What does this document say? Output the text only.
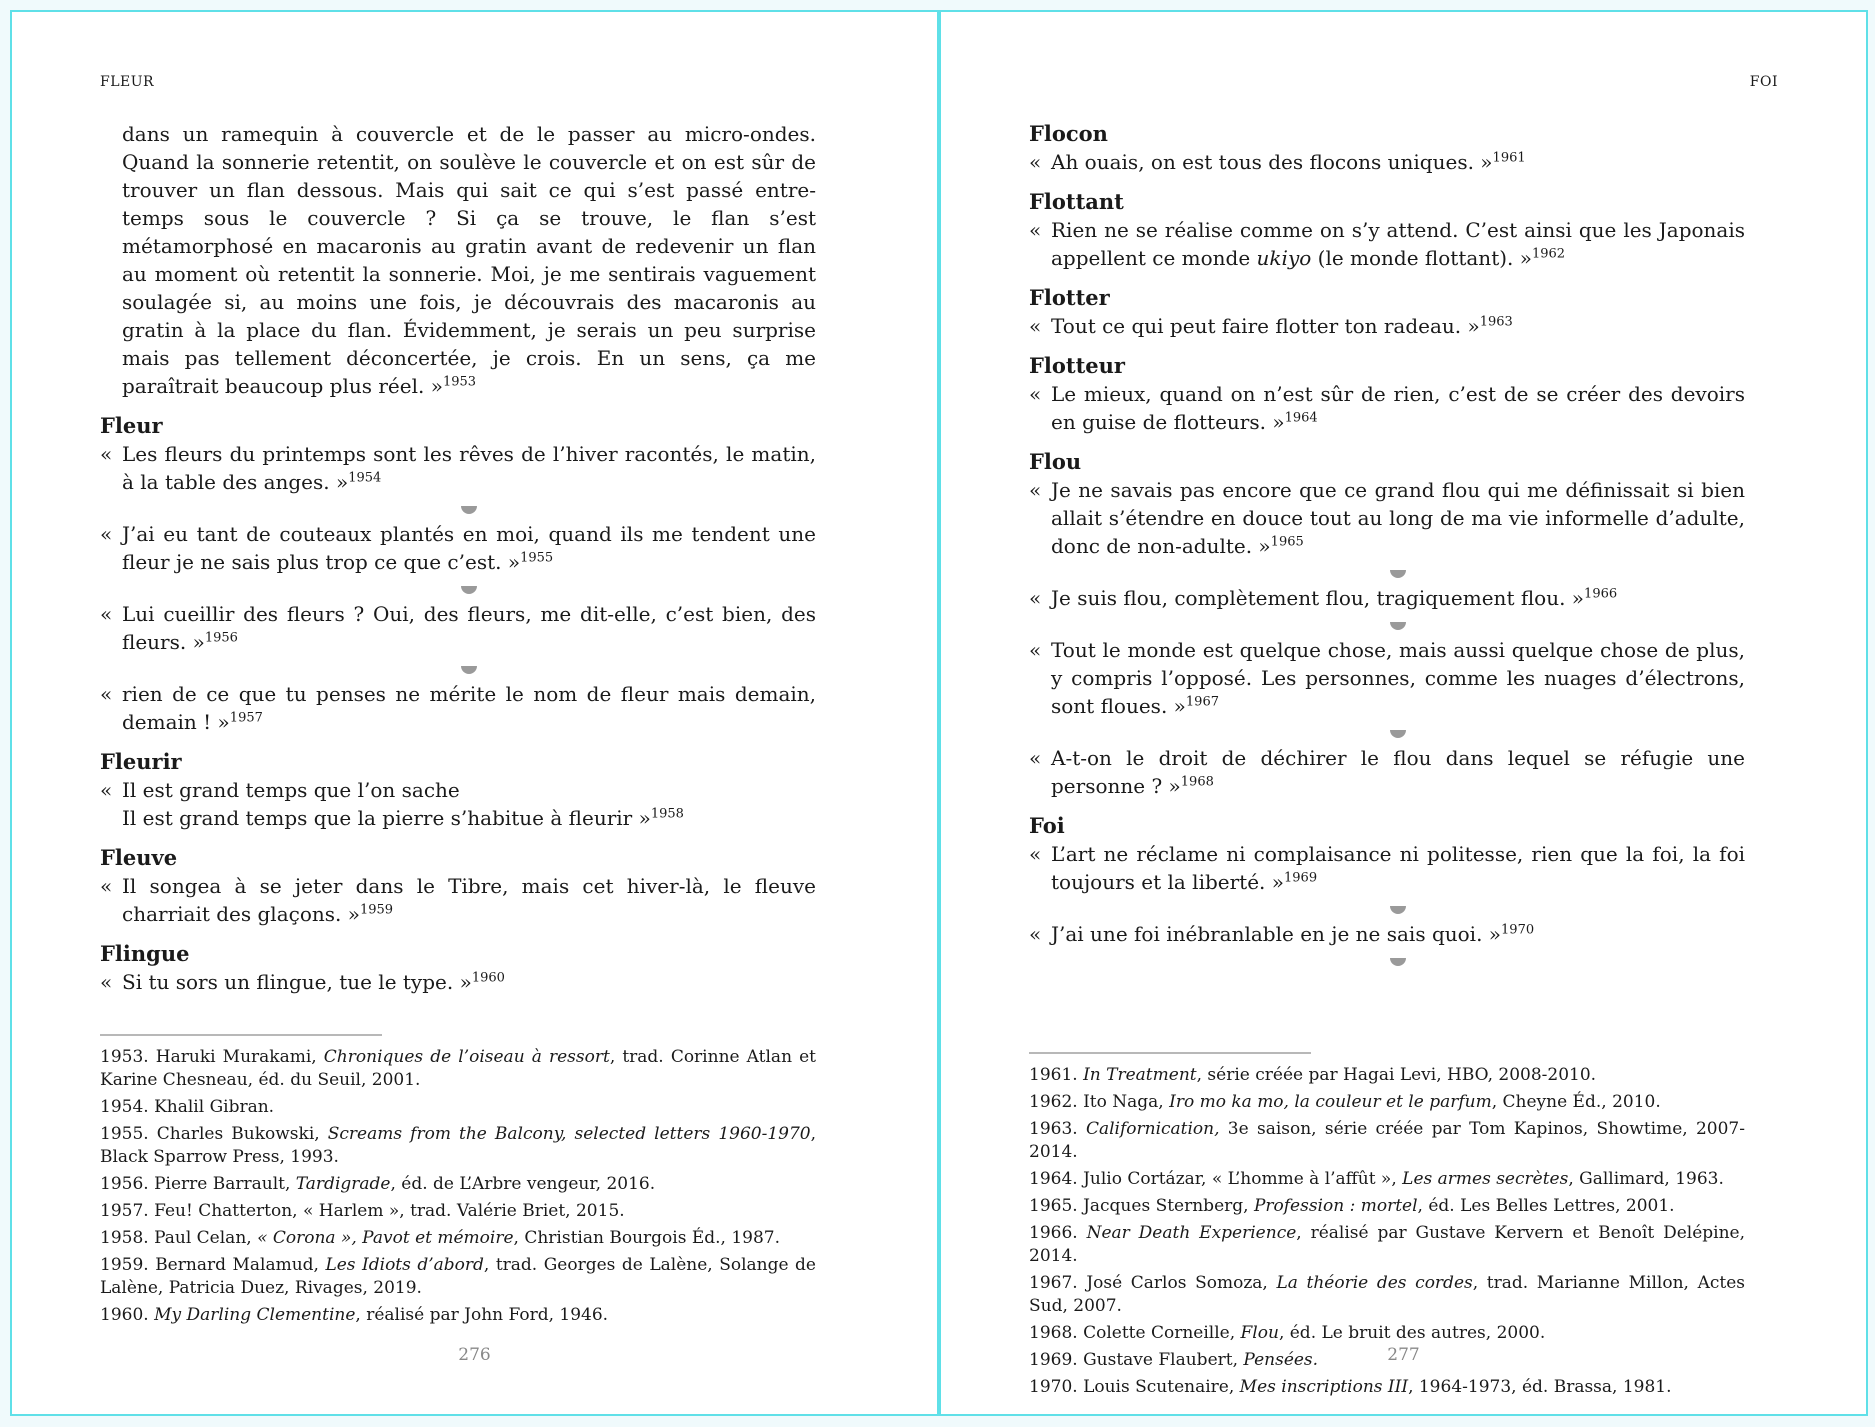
FLEUR

dans un ramequin à couvercle et de le passer au micro-ondes. Quand la sonnerie retentit, on soulève le couvercle et on est sûr de trouver un flan dessous. Mais qui sait ce qui s’est passé entre-temps sous le couvercle ? Si ça se trouve, le flan s’est métamorphosé en macaronis au gratin avant de redevenir un flan au moment où retentit la sonnerie. Moi, je me sentirais vaguement soulagée si, au moins une fois, je découvrais des macaronis au gratin à la place du flan. Évidemment, je serais un peu surprise mais pas tellement déconcertée, je crois. En un sens, ça me paraîtrait beaucoup plus réel. »$^{1953}$

Fleur

« Les fleurs du printemps sont les rêves de l’hiver racontés, le matin, à la table des anges. »$^{1954}$

« J’ai eu tant de couteaux plantés en moi, quand ils me tendent une fleur je ne sais plus trop ce que c’est. »$^{1955}$

« Lui cueillir des fleurs ? Oui, des fleurs, me dit-elle, c’est bien, des fleurs. »$^{1956}$

« rien de ce que tu penses ne mérite le nom de fleur mais demain, demain ! »$^{1957}$

Fleurir

« Il est grand temps que l’on sache
Il est grand temps que la pierre s’habitue à fleurir »$^{1958}$

Fleuve

« Il songea à se jeter dans le Tibre, mais cet hiver-là, le fleuve charriait des glaçons. »$^{1959}$

Flingue

« Si tu sors un flingue, tue le type. »$^{1960}$

1953. Haruki Murakami, Chroniques de l’oiseau à ressort, trad. Corinne Atlan et Karine Chesneau, éd. du Seuil, 2001.

1954. Khalil Gibran.

1955. Charles Bukowski, Screams from the Balcony, selected letters 1960-1970, Black Sparrow Press, 1993.

1956. Pierre Barrault, Tardigrade, éd. de L’Arbre vengeur, 2016.

1957. Feu! Chatterton, « Harlem », trad. Valérie Briet, 2015.

1958. Paul Celan, « Corona », Pavot et mémoire, Christian Bourgois Éd., 1987.

1959. Bernard Malamud, Les Idiots d’abord, trad. Georges de Lalène, Solange de Lalène, Patricia Duez, Rivages, 2019.

1960. My Darling Clementine, réalisé par John Ford, 1946.

276
FOI
Flocon

« Ah ouais, on est tous des flocons uniques. »$^{1961}$

Flottant

« Rien ne se réalise comme on s’y attend. C’est ainsi que les Japonais appellent ce monde ukiyo (le monde flottant). »$^{1962}$

Flotter

« Tout ce qui peut faire flotter ton radeau. »$^{1963}$

Flotteur

« Le mieux, quand on n’est sûr de rien, c’est de se créer des devoirs en guise de flotteurs. »$^{1964}$

Flou

« Je ne savais pas encore que ce grand flou qui me définissait si bien allait s’étendre en douce tout au long de ma vie informelle d’adulte, donc de non-adulte. »$^{1965}$

« Je suis flou, complètement flou, tragiquement flou. »$^{1966}$

« Tout le monde est quelque chose, mais aussi quelque chose de plus, y compris l’opposé. Les personnes, comme les nuages d’électrons, sont floues. »$^{1967}$

« A-t-on le droit de déchirer le flou dans lequel se réfugie une personne ? »$^{1968}$

Foi

« L’art ne réclame ni complaisance ni politesse, rien que la foi, la foi toujours et la liberté. »$^{1969}$

« J’ai une foi inébranlable en je ne sais quoi. »$^{1970}$

1961. In Treatment, série créée par Hagai Levi, HBO, 2008-2010.

1962. Ito Naga, Iro mo ka mo, la couleur et le parfum, Cheyne Éd., 2010.

1963. Californication, 3e saison, série créée par Tom Kapinos, Showtime, 2007-2014.

1964. Julio Cortázar, « L’homme à l’affût », Les armes secrètes, Gallimard, 1963.

1965. Jacques Sternberg, Profession : mortel, éd. Les Belles Lettres, 2001.

1966. Near Death Experience, réalisé par Gustave Kervern et Benoît Delépine, 2014.

1967. José Carlos Somoza, La théorie des cordes, trad. Marianne Millon, Actes Sud, 2007.

1968. Colette Corneille, Flou, éd. Le bruit des autres, 2000.

1969. Gustave Flaubert, Pensées.

1970. Louis Scutenaire, Mes inscriptions III, 1964-1973, éd. Brassa, 1981.

277
